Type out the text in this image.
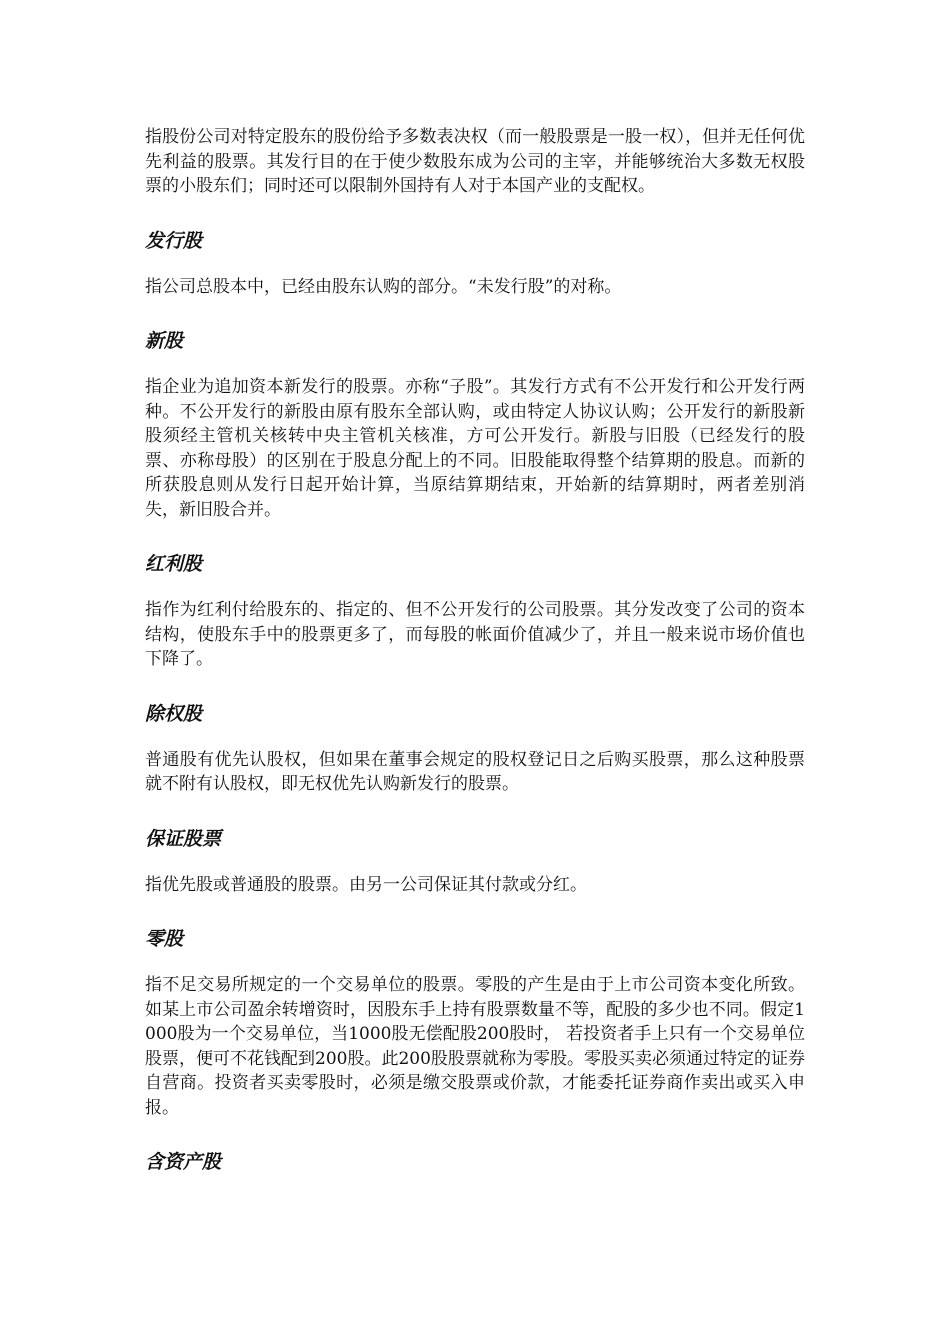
指股份公司对特定股东的股份给予多数表决权（而一般股票是一股一权），但并无任何优先利益的股票。其发行目的在于使少数股东成为公司的主宰，并能够统治大多数无权股票的小股东们；同时还可以限制外国持有人对于本国产业的支配权。

发行股

指公司总股本中，已经由股东认购的部分。“未发行股”的对称。

新股

指企业为追加资本新发行的股票。亦称“子股”。其发行方式有不公开发行和公开发行两种。不公开发行的新股由原有股东全部认购，或由特定人协议认购；公开发行的新股新股须经主管机关核转中央主管机关核准，方可公开发行。新股与旧股（已经发行的股票、亦称母股）的区别在于股息分配上的不同。旧股能取得整个结算期的股息。而新的所获股息则从发行日起开始计算，当原结算期结束，开始新的结算期时，两者差别消失，新旧股合并。

红利股

指作为红利付给股东的、指定的、但不公开发行的公司股票。其分发改变了公司的资本结构，使股东手中的股票更多了，而每股的帐面价值减少了，并且一般来说市场价值也下降了。

除权股

普通股有优先认股权，但如果在董事会规定的股权登记日之后购买股票，那么这种股票就不附有认股权，即无权优先认购新发行的股票。

保证股票

指优先股或普通股的股票。由另一公司保证其付款或分红。

零股

指不足交易所规定的一个交易单位的股票。零股的产生是由于上市公司资本变化所致。如某上市公司盈余转增资时，因股东手上持有股票数量不等，配股的多少也不同。假定1000股为一个交易单位，当1000股无偿配股200股时， 若投资者手上只有一个交易单位股票，便可不花钱配到200股。此200股股票就称为零股。零股买卖必须通过特定的证券自营商。投资者买卖零股时，必须是缴交股票或价款，才能委托证券商作卖出或买入申报。

含资产股
